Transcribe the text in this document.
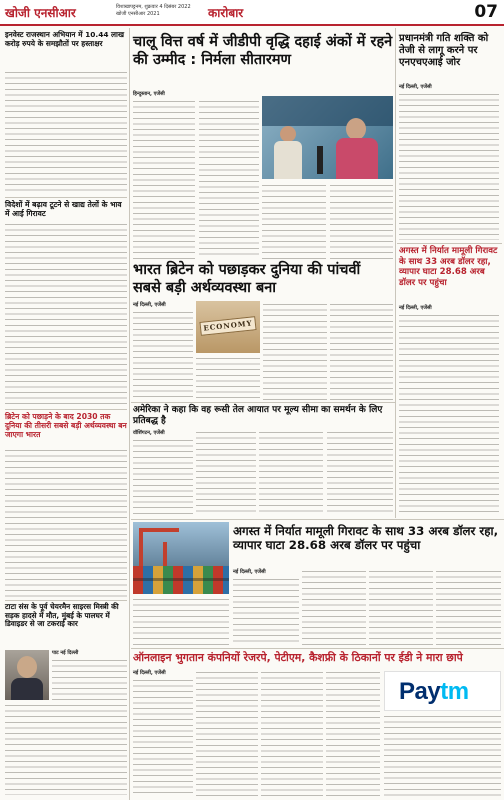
खोजी एनसीआर	विशाखापट्टनम, शुक्रवार 4 दिसंबर 2022
खोजी एनसीआर 2021	कारोबार	07
इनवेस्ट राजस्थान अभियान में 10.44 लाख करोड़ रुपये के समझौतों पर हस्ताक्षर
विदेशों में बढ़ाव टूटने से खाद्य तेलों के भाव में आई गिरावट
ब्रिटेन को पछाड़ने के बाद 2030 तक दुनिया की तीसरी सबसे बड़ी अर्थव्यवस्था बन जाएगा भारत
टाटा संस के पूर्व चेयरमैन साइरस मिस्त्री की सड़क हादसे में मौत, मुंबई के पालघर में डिवाइडर से जा टकराई कार
पाट नई दिल्ली
चालू वित्त वर्ष में जीडीपी वृद्धि दहाई अंकों में रहने की उम्मीद : निर्मला सीतारमण
हिन्दुस्तान, एजेंसी
भारत ब्रिटेन को पछाड़कर दुनिया की पांचवीं सबसे बड़ी अर्थव्यवस्था बना
नई दिल्ली, एजेंसी
ECONOMY
अमेरिका ने कहा कि वह रूसी तेल आयात पर मूल्य सीमा का समर्थन के लिए प्रतिबद्ध है
वॉशिंगटन, एजेंसी
प्रधानमंत्री गति शक्ति को तेजी से लागू करने पर एनएचएआई जोर
नई दिल्ली, एजेंसी
अगस्त में निर्यात मामूली गिरावट के साथ 33 अरब डॉलर रहा, व्यापार घाटा 28.68 अरब डॉलर पर पहुंचा
नई दिल्ली, एजेंसी
अगस्त में निर्यात मामूली गिरावट के साथ 33 अरब डॉलर रहा, व्यापार घाटा 28.68 अरब डॉलर पर पहुंचा
नई दिल्ली, एजेंसी
ऑनलाइन भुगतान कंपनियों रेजरपे, पेटीएम, कैशफ्री के ठिकानों पर ईडी ने मारा छापे
नई दिल्ली, एजेंसी
Paytm
